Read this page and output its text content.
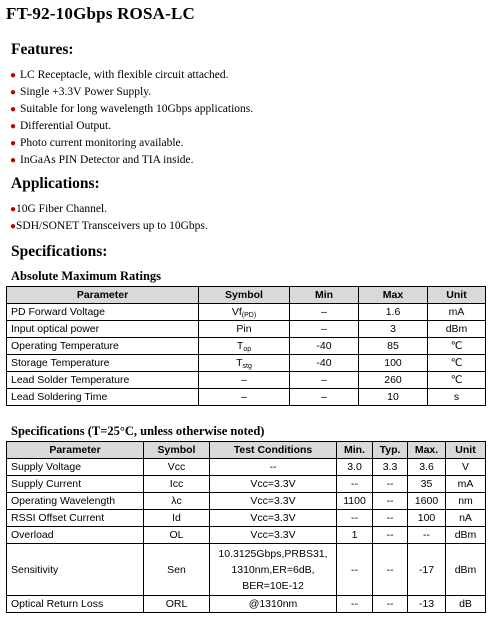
FT-92-10Gbps ROSA-LC
Features:
● LC Receptacle, with flexible circuit attached.
● Single +3.3V Power Supply.
● Suitable for long wavelength 10Gbps applications.
● Differential Output.
● Photo current monitoring available.
● InGaAs PIN Detector and TIA inside.
Applications:
●10G Fiber Channel.
●SDH/SONET Transceivers up to 10Gbps.
Specifications:
Absolute Maximum Ratings
Parameter	Symbol	Min	Max	Unit
PD Forward Voltage	$Vf_{(PD)}$	–	1.6	mA
Input optical power	Pin	–	3	dBm
Operating Temperature	$T_{op}$	-40	85	℃
Storage Temperature	$T_{stg}$	-40	100	℃
Lead Solder Temperature	–	–	260	℃
Lead Soldering Time	–	–	10	s
Specifications (T=25°C, unless otherwise noted)
Parameter	Symbol	Test Conditions	Min.	Typ.	Max.	Unit
Supply Voltage	Vcc	--	3.0	3.3	3.6	V
Supply Current	Icc	Vcc=3.3V	--	--	35	mA
Operating Wavelength	λc	Vcc=3.3V	1100	--	1600	nm
RSSI Offset Current	Id	Vcc=3.3V	--	--	100	nA
Overload	OL	Vcc=3.3V	1	--	--	dBm
Sensitivity	Sen	10.3125Gbps,PRBS31,
1310nm,ER=6dB,
BER=10E-12	--	--	-17	dBm
Optical Return Loss	ORL	@1310nm	--	--	-13	dB
